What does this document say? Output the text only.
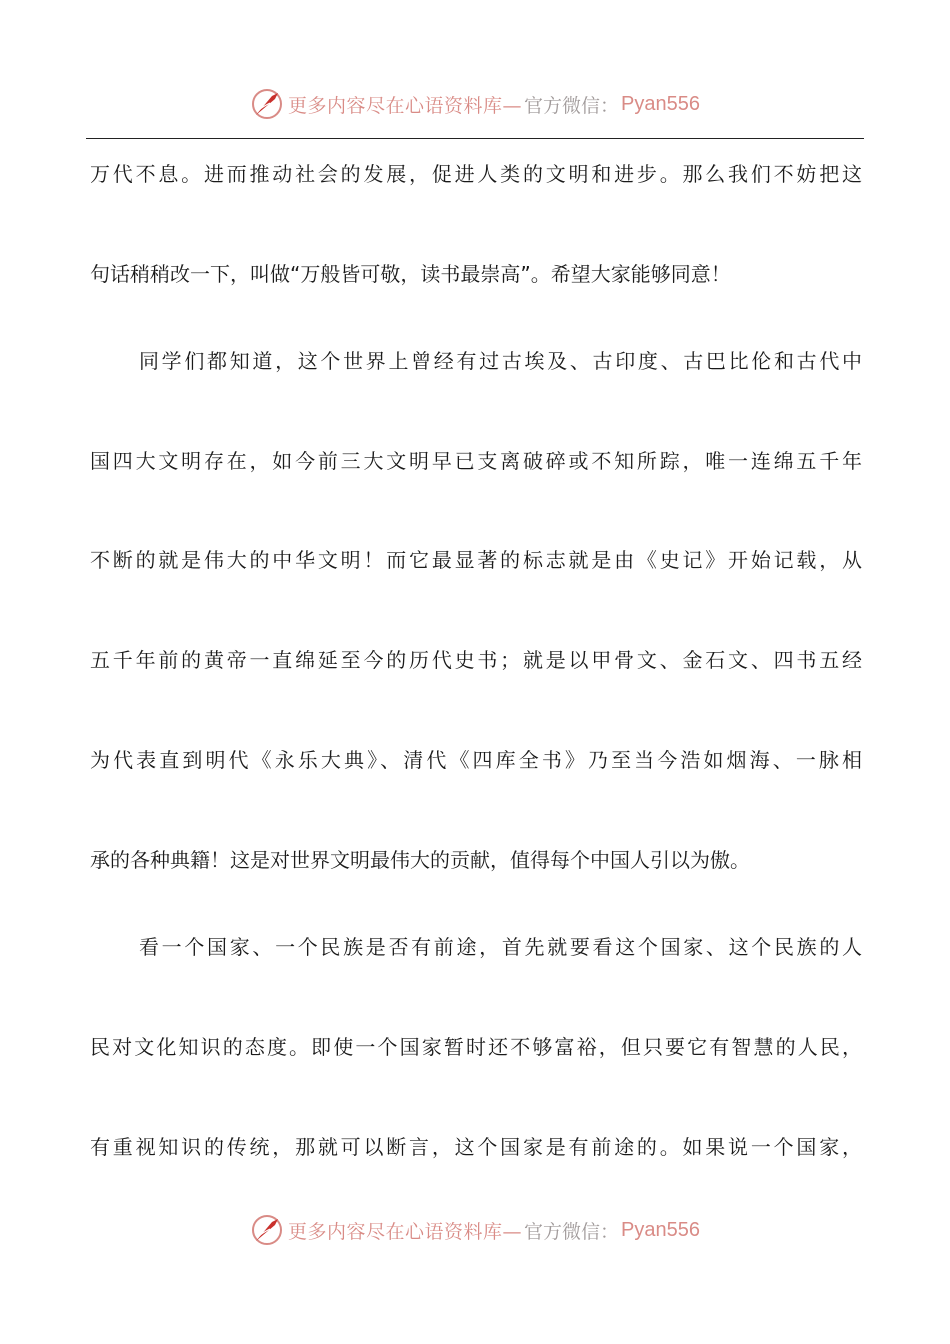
更多内容尽在心语资料库— 官方微信： Pyan556
万代不息。进而推动社会的发展，促进人类的文明和进步。那么我们不妨把这
句话稍稍改一下，叫做“万般皆可敬，读书最崇高”。希望大家能够同意！
同学们都知道，这个世界上曾经有过古埃及、古印度、古巴比伦和古代中
国四大文明存在，如今前三大文明早已支离破碎或不知所踪，唯一连绵五千年
不断的就是伟大的中华文明！而它最显著的标志就是由《史记》开始记载，从
五千年前的黄帝一直绵延至今的历代史书；就是以甲骨文、金石文、四书五经
为代表直到明代《永乐大典》、清代《四库全书》乃至当今浩如烟海、一脉相
承的各种典籍！这是对世界文明最伟大的贡献，值得每个中国人引以为傲。
看一个国家、一个民族是否有前途，首先就要看这个国家、这个民族的人
民对文化知识的态度。即使一个国家暂时还不够富裕，但只要它有智慧的人民，
有重视知识的传统，那就可以断言，这个国家是有前途的。如果说一个国家，
更多内容尽在心语资料库— 官方微信： Pyan556
